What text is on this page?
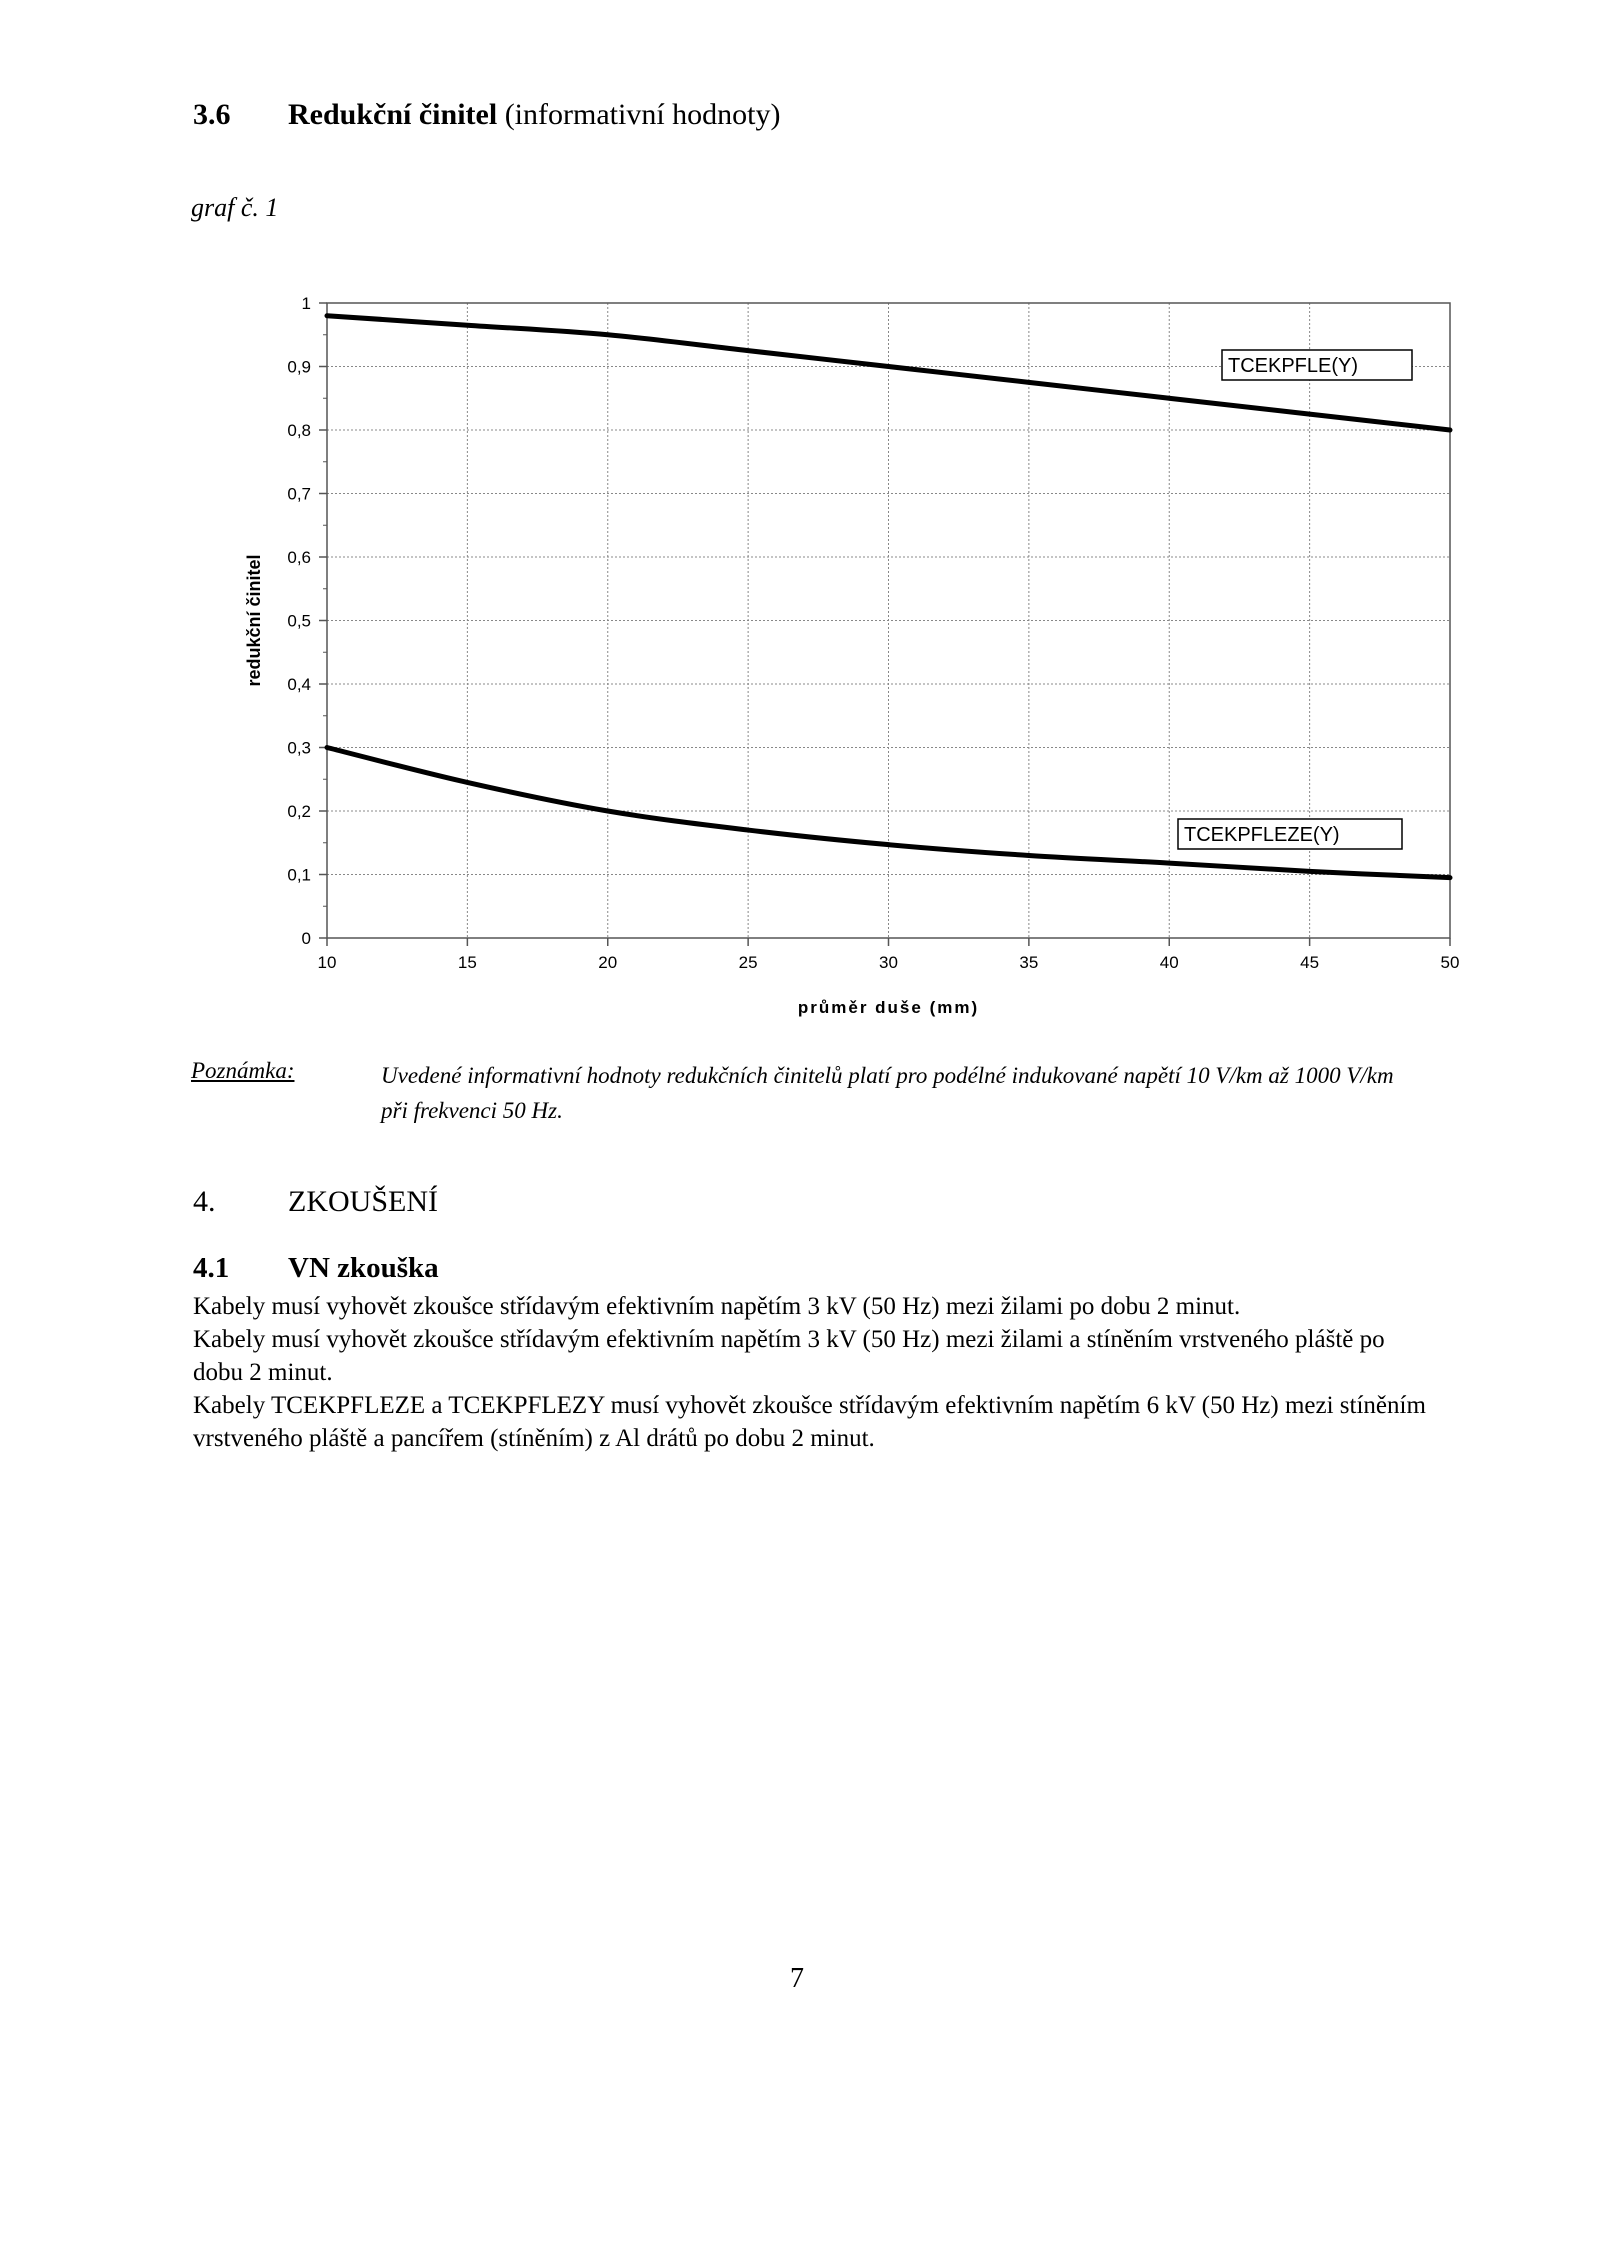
3.6 Redukční činitel (informativní hodnoty)
graf č. 1
0
0,1
0,2
0,3
0,4
0,5
0,6
0,7
0,8
0,9
1
10	15	20	25	30	35	40	45	50
TCEKPFLE(Y)
TCEKPFLEZE(Y)
redukční činitel
průměr duše (mm)
Poznámka:	Uvedené informativní hodnoty redukčních činitelů platí pro podélné indukované napětí 10 V/km až 1000 V/km při frekvenci 50 Hz.
4. ZKOUŠENÍ
4.1 VN zkouška

Kabely musí vyhovět zkoušce střídavým efektivním napětím 3 kV (50 Hz) mezi žilami po dobu 2 minut.

Kabely musí vyhovět zkoušce střídavým efektivním napětím 3 kV (50 Hz) mezi žilami a stíněním vrstveného pláště po dobu 2 minut.

Kabely TCEKPFLEZE a TCEKPFLEZY musí vyhovět zkoušce střídavým efektivním napětím 6 kV (50 Hz) mezi stíněním vrstveného pláště a pancířem (stíněním) z Al drátů po dobu 2 minut.

7
